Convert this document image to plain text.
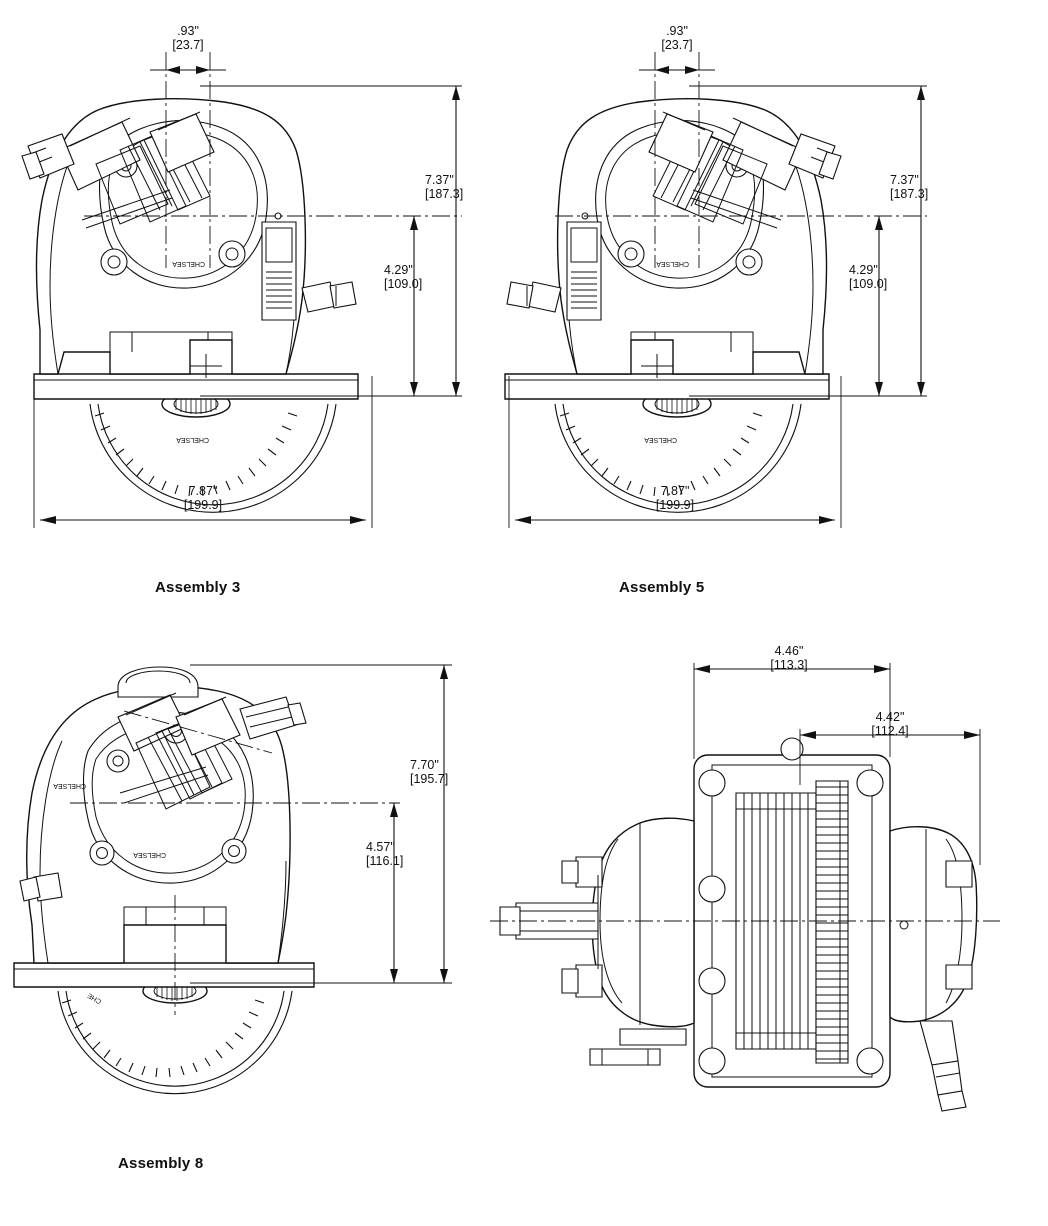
CHELSEA
CHELSEA
.93"
[23.7]
7.37"
[187.3]
4.29"
[109.0]
7.87"
[199.9]
Assembly 3
CHELSEA
CHELSEA
.93"
[23.7]
7.37"
[187.3]
4.29"
[109.0]
7.87"
[199.9]
Assembly 5
CHE
CHELSEA
CHELSEA
7.70"
[195.7]
4.57"
[116.1]
Assembly 8
4.46"
[113.3]
4.42"
[112.4]
